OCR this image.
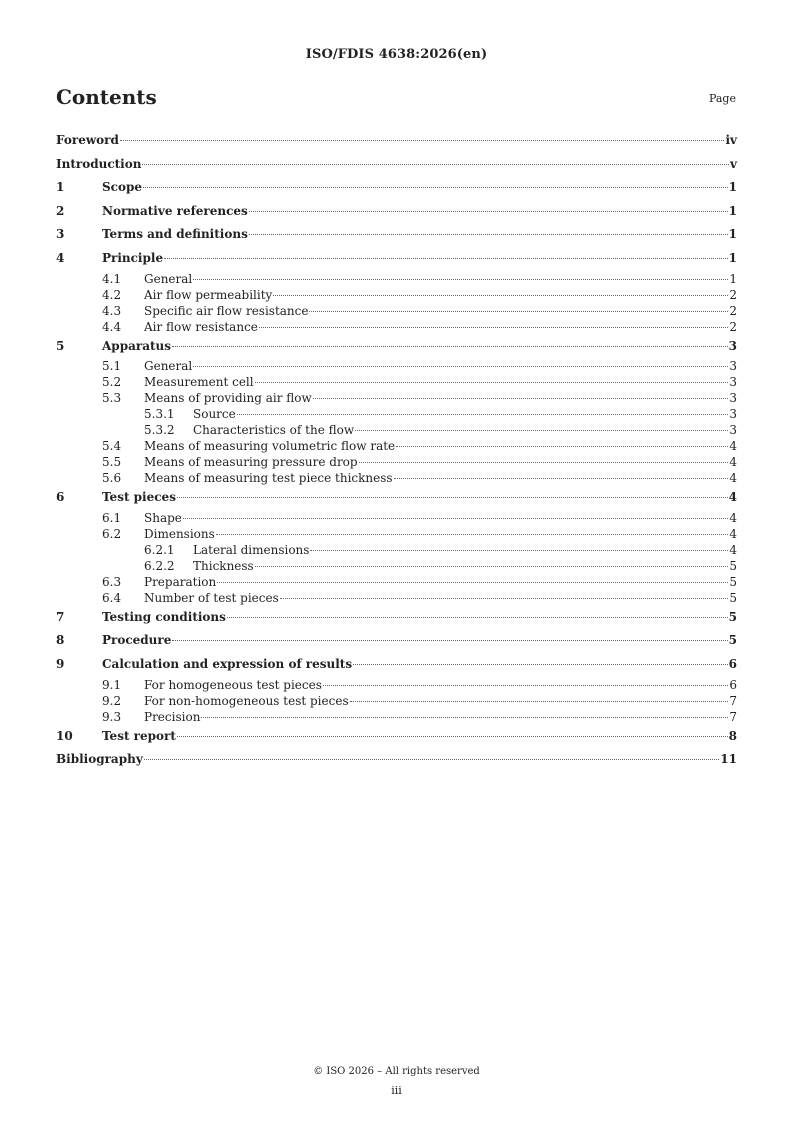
ISO/FDIS 4638:2026(en)
Contents	Page
Foreword	iv
Introduction	v
1	Scope	1
2	Normative references	1
3	Terms and definitions	1
4	Principle	1
4.1	General	1
4.2	Air flow permeability	2
4.3	Specific air flow resistance	2
4.4	Air flow resistance	2
5	Apparatus	3
5.1	General	3
5.2	Measurement cell	3
5.3	Means of providing air flow	3
5.3.1	Source	3
5.3.2	Characteristics of the flow	3
5.4	Means of measuring volumetric flow rate	4
5.5	Means of measuring pressure drop	4
5.6	Means of measuring test piece thickness	4
6	Test pieces	4
6.1	Shape	4
6.2	Dimensions	4
6.2.1	Lateral dimensions	4
6.2.2	Thickness	5
6.3	Preparation	5
6.4	Number of test pieces	5
7	Testing conditions	5
8	Procedure	5
9	Calculation and expression of results	6
9.1	For homogeneous test pieces	6
9.2	For non-homogeneous test pieces	7
9.3	Precision	7
10	Test report	8
Bibliography	11
© ISO 2026 – All rights reserved
iii
